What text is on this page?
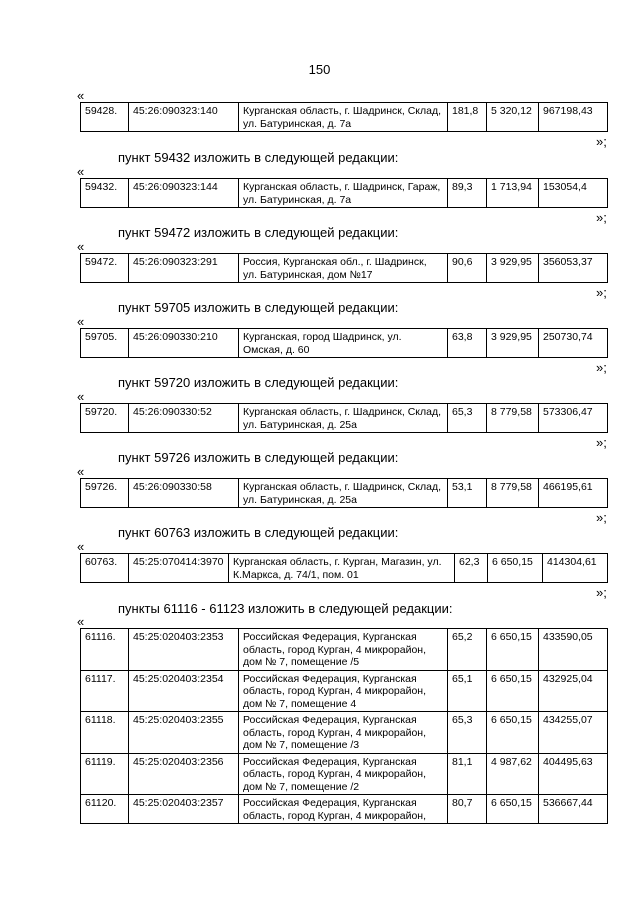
150
«
59428.	45:26:090323:140	Курганская область, г. Шадринск, Склад, ул. Батуринская, д. 7а	181,8	5 320,12	967198,43
»;
пункт 59432 изложить в следующей редакции:
«
59432.	45:26:090323:144	Курганская область, г. Шадринск, Гараж, ул. Батуринская, д. 7а	89,3	1 713,94	153054,4
»;
пункт 59472 изложить в следующей редакции:
«
59472.	45:26:090323:291	Россия, Курганская обл., г. Шадринск, ул. Батуринская, дом №17	90,6	3 929,95	356053,37
»;
пункт 59705 изложить в следующей редакции:
«
59705.	45:26:090330:210	Курганская, город Шадринск, ул. Омская, д. 60	63,8	3 929,95	250730,74
»;
пункт 59720 изложить в следующей редакции:
«
59720.	45:26:090330:52	Курганская область, г. Шадринск, Склад, ул. Батуринская, д. 25а	65,3	8 779,58	573306,47
»;
пункт 59726 изложить в следующей редакции:
«
59726.	45:26:090330:58	Курганская область, г. Шадринск, Склад, ул. Батуринская, д. 25а	53,1	8 779,58	466195,61
»;
пункт 60763 изложить в следующей редакции:
«
60763.	45:25:070414:3970	Курганская область, г. Курган, Магазин, ул. К.Маркса, д. 74/1, пом. 01	62,3	6 650,15	414304,61
»;
пункты 61116 - 61123 изложить в следующей редакции:
«
61116.	45:25:020403:2353	Российская Федерация, Курганская область, город Курган, 4 микрорайон, дом № 7, помещение /5	65,2	6 650,15	433590,05
61117.	45:25:020403:2354	Российская Федерация, Курганская область, город Курган, 4 микрорайон, дом № 7, помещение 4	65,1	6 650,15	432925,04
61118.	45:25:020403:2355	Российская Федерация, Курганская область, город Курган, 4 микрорайон, дом № 7, помещение /3	65,3	6 650,15	434255,07
61119.	45:25:020403:2356	Российская Федерация, Курганская область, город Курган, 4 микрорайон, дом № 7, помещение /2	81,1	4 987,62	404495,63
61120.	45:25:020403:2357	Российская Федерация, Курганская область, город Курган, 4 микрорайон,	80,7	6 650,15	536667,44
